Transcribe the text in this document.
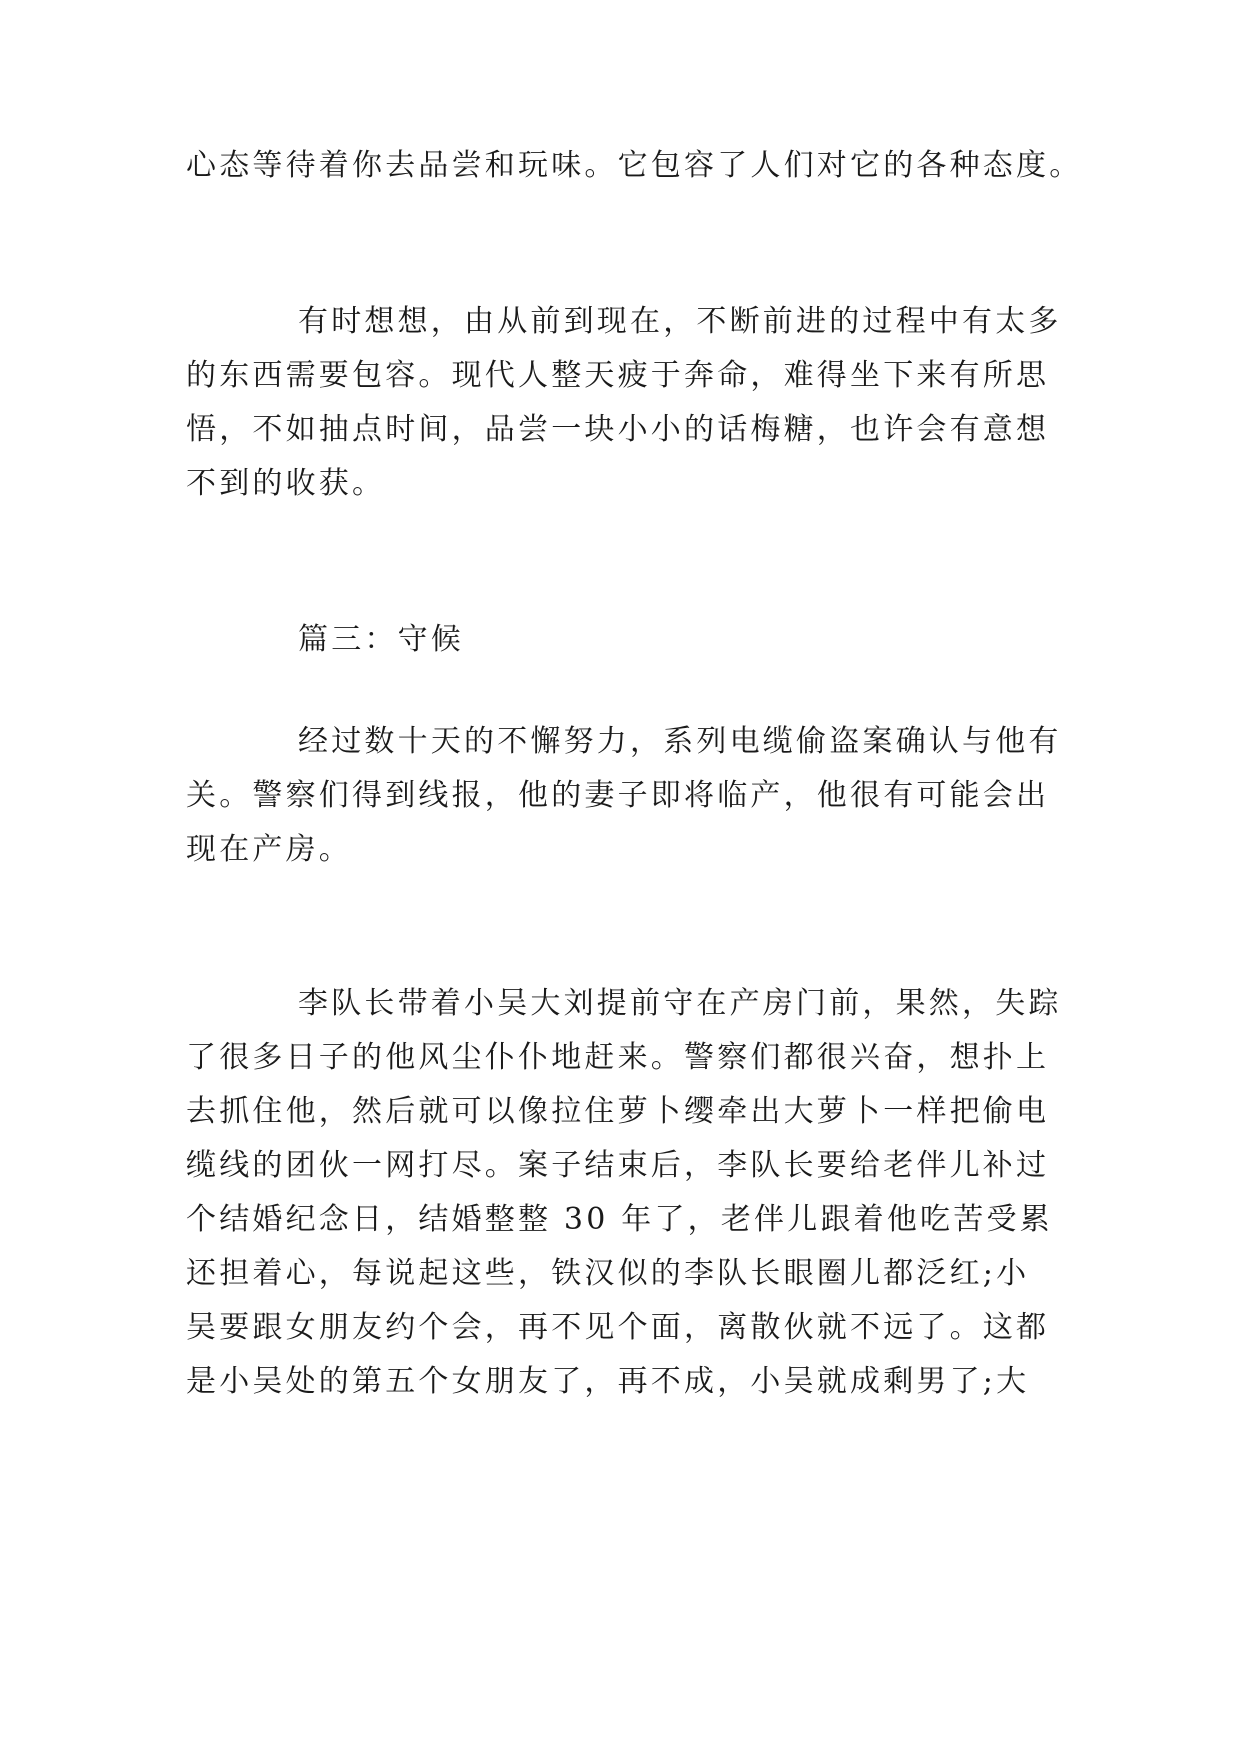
心态等待着你去品尝和玩味。它包容了人们对它的各种态度。
有时想想，由从前到现在，不断前进的过程中有太多
的东西需要包容。现代人整天疲于奔命，难得坐下来有所思
悟，不如抽点时间，品尝一块小小的话梅糖，也许会有意想
不到的收获。
篇三：守候
经过数十天的不懈努力，系列电缆偷盗案确认与他有
关。警察们得到线报，他的妻子即将临产，他很有可能会出
现在产房。
李队长带着小吴大刘提前守在产房门前，果然，失踪
了很多日子的他风尘仆仆地赶来。警察们都很兴奋，想扑上
去抓住他，然后就可以像拉住萝卜缨牵出大萝卜一样把偷电
缆线的团伙一网打尽。案子结束后，李队长要给老伴儿补过
个结婚纪念日，结婚整整 30 年了，老伴儿跟着他吃苦受累
还担着心，每说起这些，铁汉似的李队长眼圈儿都泛红;小
吴要跟女朋友约个会，再不见个面，离散伙就不远了。这都
是小吴处的第五个女朋友了，再不成，小吴就成剩男了;大
